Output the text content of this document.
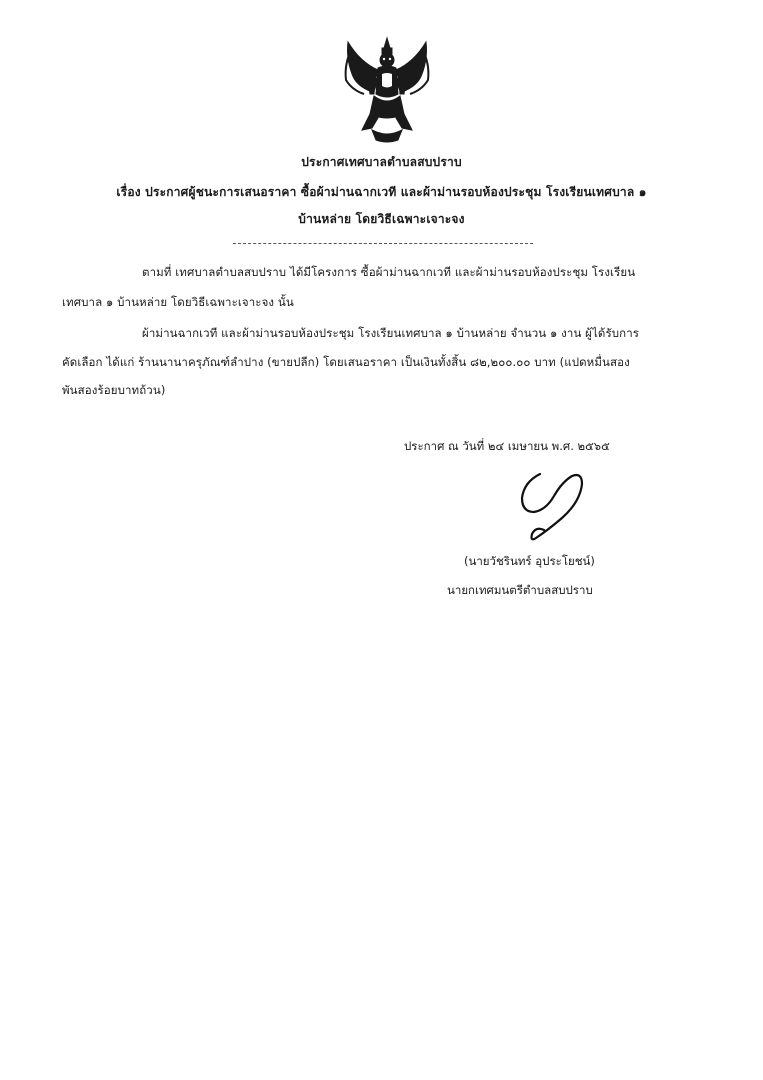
ประกาศเทศบาลตำบลสบปราบ
เรื่อง ประกาศผู้ชนะการเสนอราคา ซื้อผ้าม่านฉากเวที และผ้าม่านรอบห้องประชุม โรงเรียนเทศบาล ๑
บ้านหล่าย โดยวิธีเฉพาะเจาะจง
ตามที่ เทศบาลตำบลสบปราบ ได้มีโครงการ ซื้อผ้าม่านฉากเวที และผ้าม่านรอบห้องประชุม โรงเรียน
เทศบาล ๑ บ้านหล่าย โดยวิธีเฉพาะเจาะจง นั้น
ผ้าม่านฉากเวที และผ้าม่านรอบห้องประชุม โรงเรียนเทศบาล ๑ บ้านหล่าย จำนวน ๑ งาน ผู้ได้รับการ
คัดเลือก ได้แก่ ร้านนานาครุภัณฑ์ลำปาง (ขายปลีก) โดยเสนอราคา เป็นเงินทั้งสิ้น ๘๒,๒๐๐.๐๐ บาท (แปดหมื่นสอง
พันสองร้อยบาทถ้วน)
ประกาศ ณ วันที่ ๒๔ เมษายน พ.ศ. ๒๕๖๕
(นายวัชรินทร์ อุประโยชน์)
นายกเทศมนตรีตำบลสบปราบ
